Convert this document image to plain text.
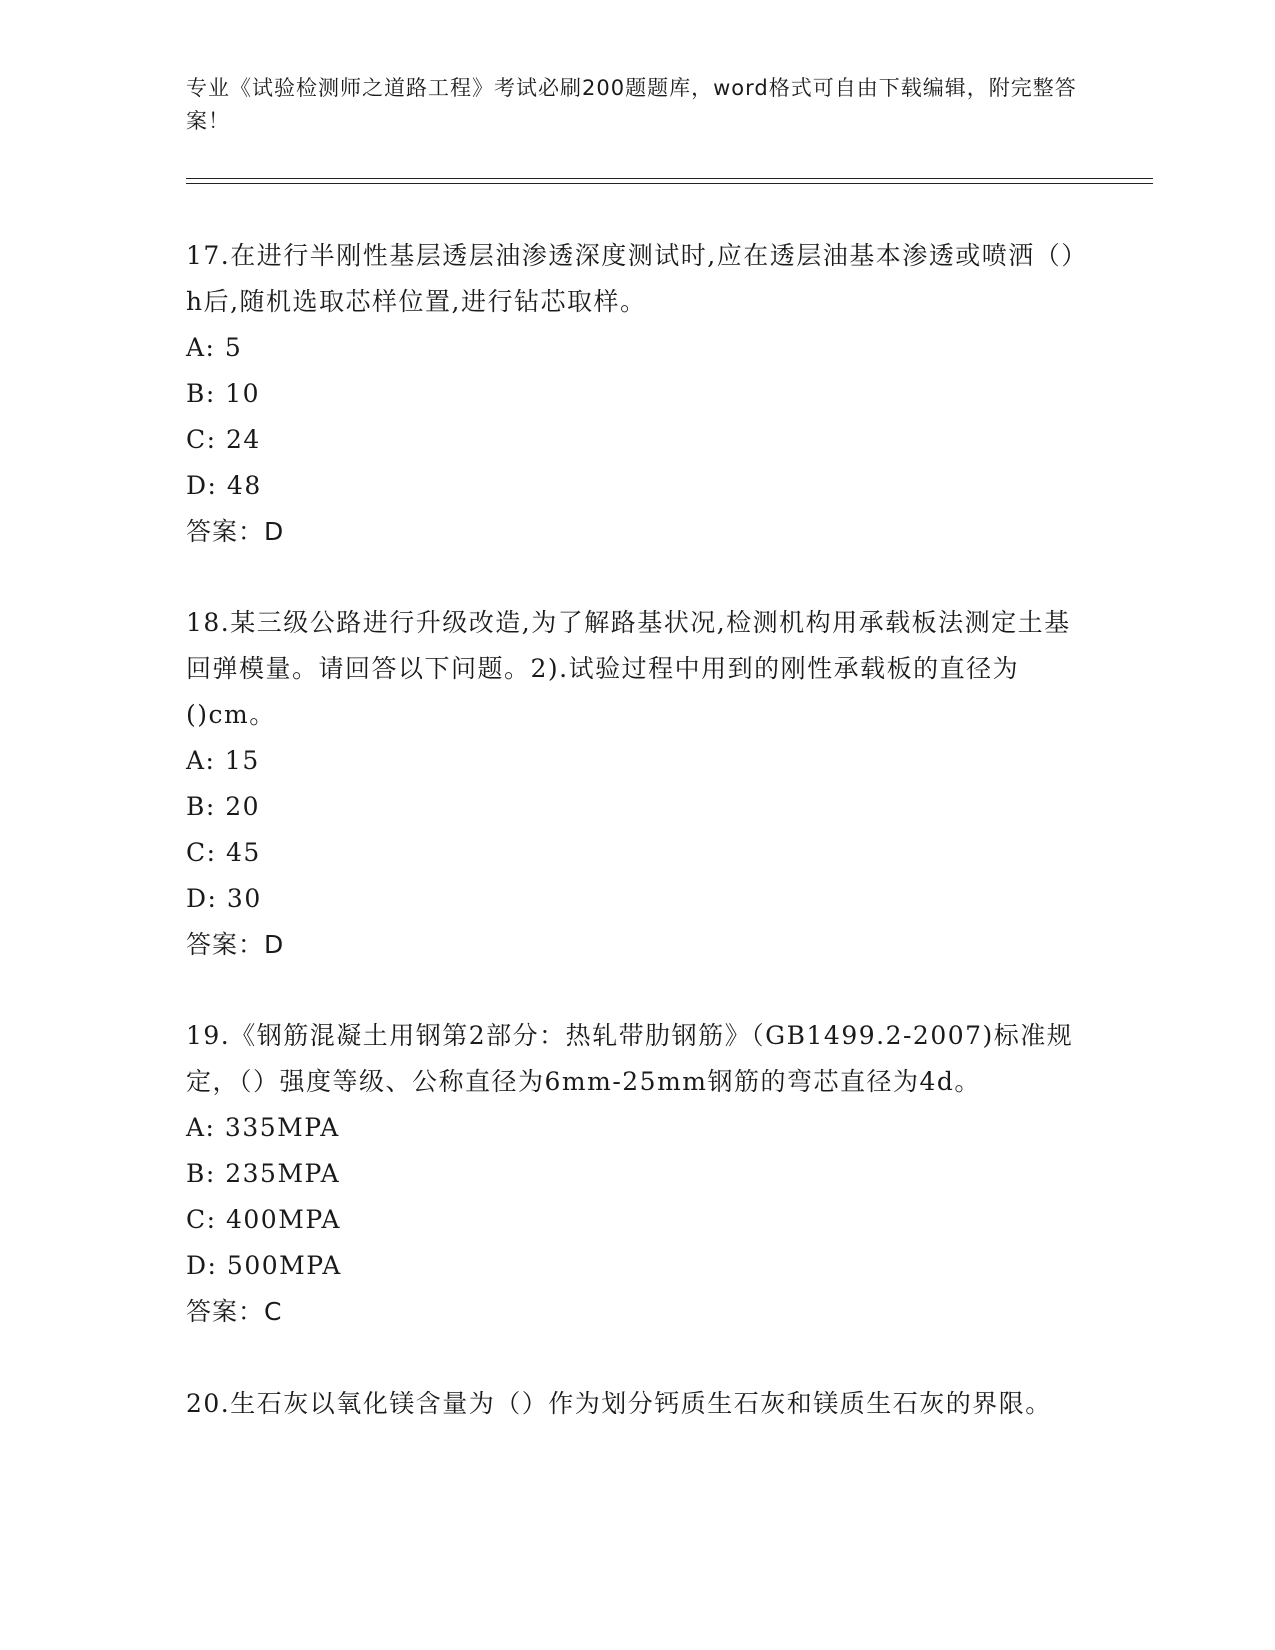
专业《试验检测师之道路工程》考试必刷200题题库，word格式可自由下载编辑，附完整答案！

17.在进行半刚性基层透层油渗透深度测试时,应在透层油基本渗透或喷洒（）h后,随机选取芯样位置,进行钻芯取样。

A: 5

B: 10

C: 24

D: 48

答案：D

18.某三级公路进行升级改造,为了解路基状况,检测机构用承载板法测定土基回弹模量。请回答以下问题。2).试验过程中用到的刚性承载板的直径为()cm。

A: 15

B: 20

C: 45

D: 30

答案：D

19.《钢筋混凝土用钢第2部分：热轧带肋钢筋》（GB1499.2-2007)标准规定，（）强度等级、公称直径为6mm-25mm钢筋的弯芯直径为4d。

A: 335MPA

B: 235MPA

C: 400MPA

D: 500MPA

答案：C

20.生石灰以氧化镁含量为（）作为划分钙质生石灰和镁质生石灰的界限。
